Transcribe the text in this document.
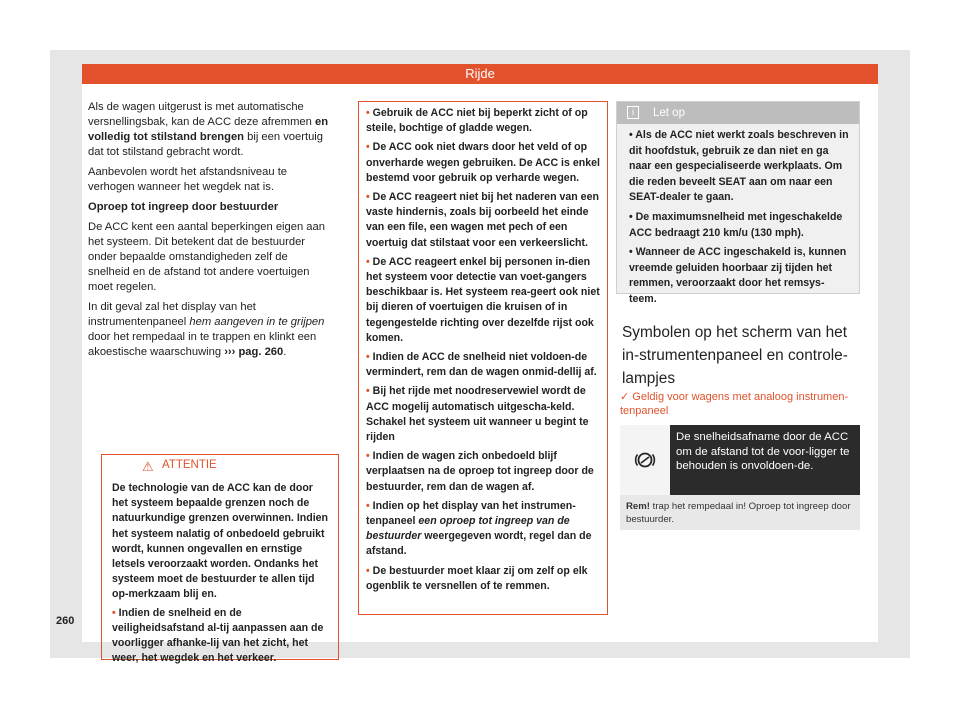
Rijde

Als de wagen uitgerust is met automatische versnellingsbak, kan de ACC deze afremmen en volledig tot stilstand brengen bij een voertuig dat tot stilstand gebracht wordt.

Aanbevolen wordt het afstandsniveau te verhogen wanneer het wegdek nat is.

Oproep tot ingreep door bestuurder

De ACC kent een aantal beperkingen eigen aan het systeem. Dit betekent dat de bestuurder onder bepaalde omstandigheden zelf de snelheid en de afstand tot andere voertuigen moet regelen.

In dit geval zal het display van het instrumentenpaneel hem aangeven in te grijpen door het rempedaal in te trappen en klinkt een akoestische waarschuwing ››› pag. 260.

⚠ ATTENTIE
De technologie van de ACC kan de door het systeem bepaalde grenzen noch de natuurkundige grenzen overwinnen. Indien het systeem nalatig of onbedoeld gebruikt wordt, kunnen ongevallen en ernstige letsels veroorzaakt worden. Ondanks het systeem moet de bestuurder te allen tijd op-merkzaam blij en.
• Indien de snelheid en de veiligheidsafstand al-tij aanpassen aan de voorligger afhanke-lij van het zicht, het weer, het wegdek en het verkeer.
• Gebruik de ACC niet bij beperkt zicht of op steile, bochtige of gladde wegen.
• De ACC ook niet dwars door het veld of op onverharde wegen gebruiken. De ACC is enkel bestemd voor gebruik op verharde wegen.
• De ACC reageert niet bij het naderen van een vaste hindernis, zoals bij oorbeeld het einde van een file, een wagen met pech of een voertuig dat stilstaat voor een verkeerslicht.
• De ACC reageert enkel bij personen in-dien het systeem voor detectie van voet-gangers beschikbaar is. Het systeem rea-geert ook niet bij dieren of voertuigen die kruisen of in tegengestelde richting over dezelfde rijst ook komen.
• Indien de ACC de snelheid niet voldoen-de vermindert, rem dan de wagen onmid-dellij af.
• Bij het rijde met noodreservewiel wordt de ACC mogelij automatisch uitgescha-keld. Schakel het systeem uit wanneer u begint te rijden
• Indien de wagen zich onbedoeld blijf verplaatsen na de oproep tot ingreep door de bestuurder, rem dan de wagen af.
• Indien op het display van het instrumen-tenpaneel een oproep tot ingreep van de bestuurder weergegeven wordt, regel dan de afstand.
• De bestuurder moet klaar zij om zelf op elk ogenblik te versnellen of te remmen.
i	Let op
• Als de ACC niet werkt zoals beschreven in dit hoofdstuk, gebruik ze dan niet en ga naar een gespecialiseerde werkplaats. Om die reden beveelt SEAT aan om naar een SEAT-dealer te gaan.
• De maximumsnelheid met ingeschakelde ACC bedraagt 210 km/u (130 mph).
• Wanneer de ACC ingeschakeld is, kunnen vreemde geluiden hoorbaar zij tijden het remmen, veroorzaakt door het remsys-teem.
Symbolen op het scherm van het in-strumentenpaneel en controle-lampjes
✓ Geldig voor wagens met analoog instrumen-tenpaneel
De snelheidsafname door de ACC om de afstand tot de voor-ligger te behouden is onvoldoen-de.
Rem! trap het rempedaal in! Oproep tot ingreep door bestuurder.
260
